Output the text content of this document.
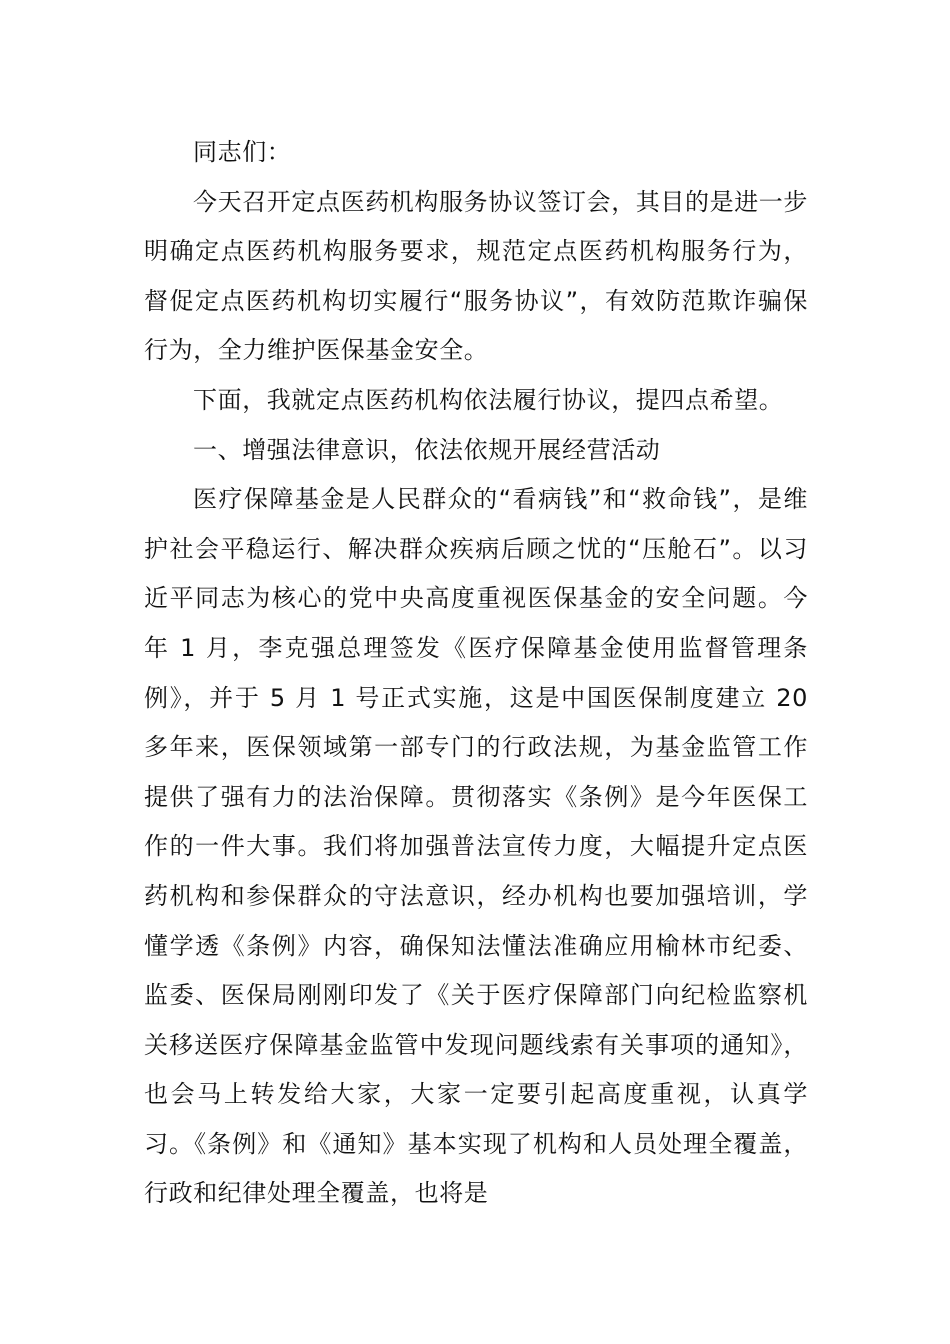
同志们：

今天召开定点医药机构服务协议签订会，其目的是进一步明确定点医药机构服务要求，规范定点医药机构服务行为，督促定点医药机构切实履行“服务协议”，有效防范欺诈骗保行为，全力维护医保基金安全。

下面，我就定点医药机构依法履行协议，提四点希望。

一、增强法律意识，依法依规开展经营活动

医疗保障基金是人民群众的“看病钱”和“救命钱”，是维护社会平稳运行、解决群众疾病后顾之忧的“压舱石”。以习近平同志为核心的党中央高度重视医保基金的安全问题。今年 1 月，李克强总理签发《医疗保障基金使用监督管理条例》，并于 5 月 1 号正式实施，这是中国医保制度建立 20 多年来，医保领域第一部专门的行政法规，为基金监管工作提供了强有力的法治保障。贯彻落实《条例》是今年医保工作的一件大事。我们将加强普法宣传力度，大幅提升定点医药机构和参保群众的守法意识，经办机构也要加强培训，学懂学透《条例》内容，确保知法懂法准确应用榆林市纪委、监委、医保局刚刚印发了《关于医疗保障部门向纪检监察机关移送医疗保障基金监管中发现问题线索有关事项的通知》，也会马上转发给大家，大家一定要引起高度重视，认真学习。《条例》和《通知》基本实现了机构和人员处理全覆盖，行政和纪律处理全覆盖，也将是
